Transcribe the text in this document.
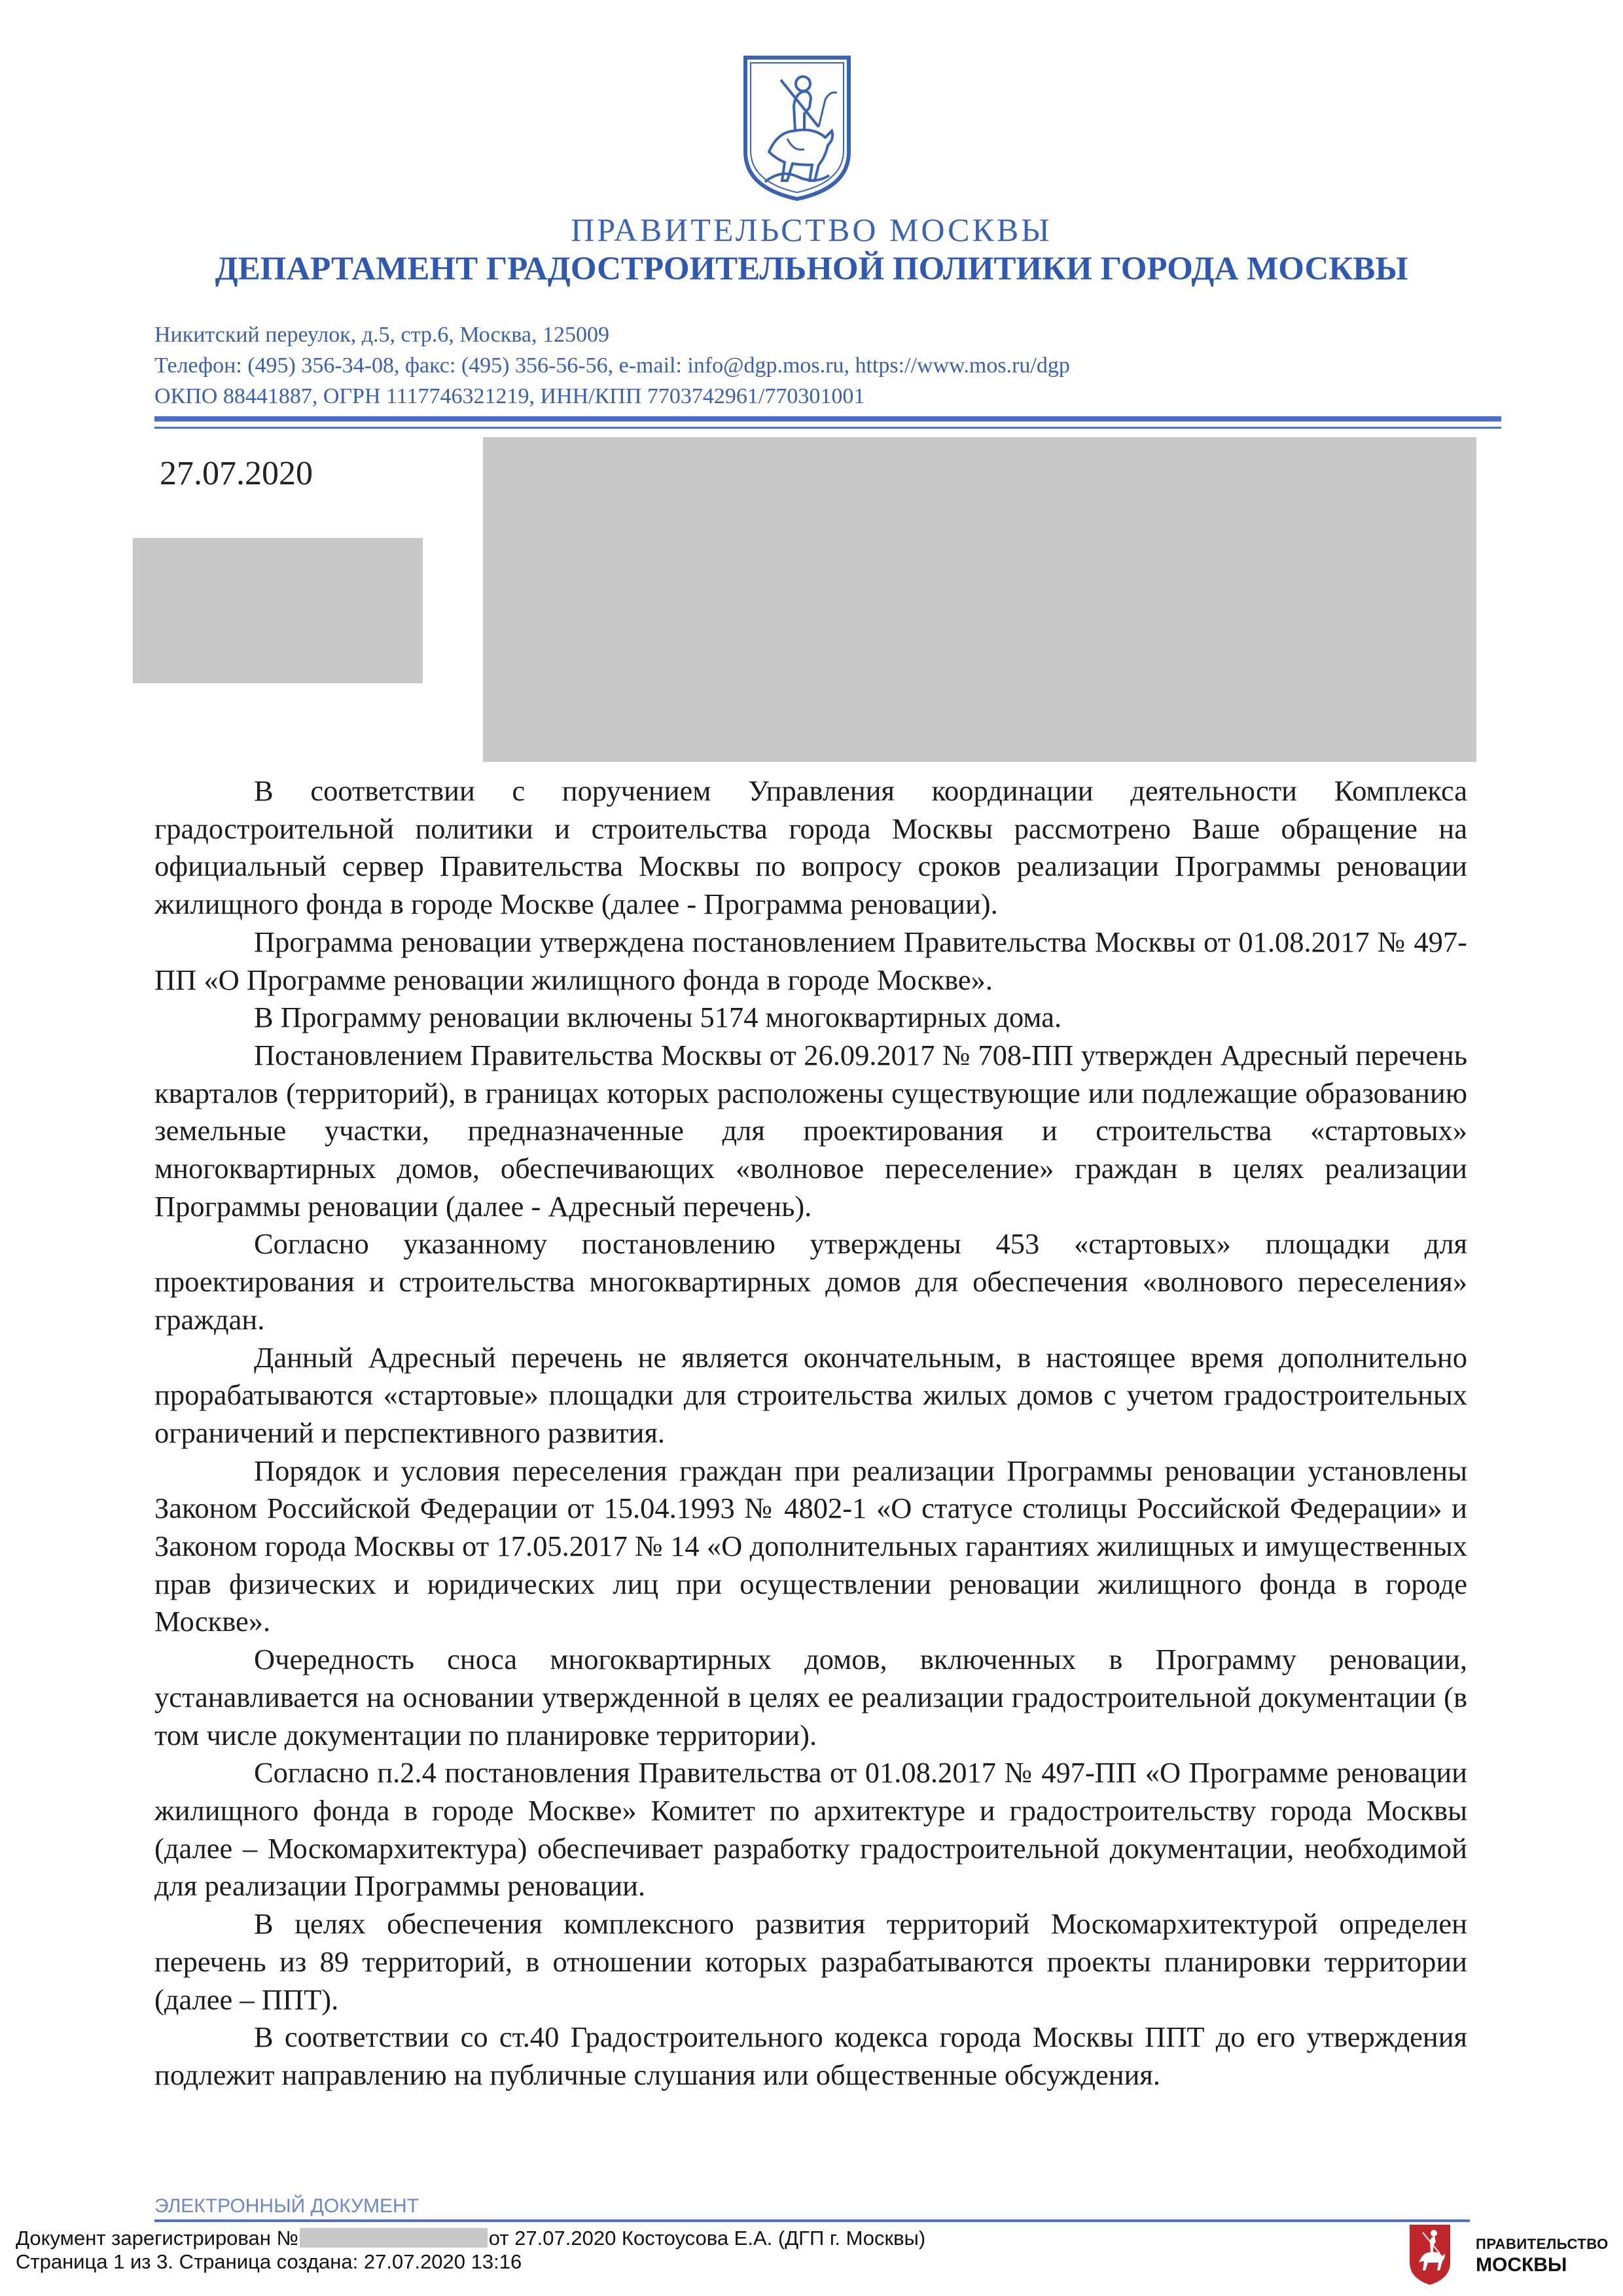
ПРАВИТЕЛЬСТВО МОСКВЫ
ДЕПАРТАМЕНТ ГРАДОСТРОИТЕЛЬНОЙ ПОЛИТИКИ ГОРОДА МОСКВЫ
Никитский переулок, д.5, стр.6, Москва, 125009
Телефон: (495) 356-34-08, факс: (495) 356-56-56, e-mail: info@dgp.mos.ru, https://www.mos.ru/dgp
ОКПО 88441887, ОГРН 1117746321219, ИНН/КПП 7703742961/770301001
27.07.2020

В соответствии с поручением Управления координации деятельности Комплекса градостроительной политики и строительства города Москвы рассмотрено Ваше обращение на официальный сервер Правительства Москвы по вопросу сроков реализации Программы реновации жилищного фонда в городе Москве (далее - Программа реновации).

Программа реновации утверждена постановлением Правительства Москвы от 01.08.2017 № 497-ПП «О Программе реновации жилищного фонда в городе Москве».

В Программу реновации включены 5174 многоквартирных дома.

Постановлением Правительства Москвы от 26.09.2017 № 708-ПП утвержден Адресный перечень кварталов (территорий), в границах которых расположены существующие или подлежащие образованию земельные участки, предназначенные для проектирования и строительства «стартовых» многоквартирных домов, обеспечивающих «волновое переселение» граждан в целях реализации Программы реновации (далее - Адресный перечень).

Согласно указанному постановлению утверждены 453 «стартовых» площадки для проектирования и строительства многоквартирных домов для обеспечения «волнового переселения» граждан.

Данный Адресный перечень не является окончательным, в настоящее время дополнительно прорабатываются «стартовые» площадки для строительства жилых домов с учетом градостроительных ограничений и перспективного развития.

Порядок и условия переселения граждан при реализации Программы реновации установлены Законом Российской Федерации от 15.04.1993 № 4802-1 «О статусе столицы Российской Федерации» и Законом города Москвы от 17.05.2017 № 14 «О дополнительных гарантиях жилищных и имущественных прав физических и юридических лиц при осуществлении реновации жилищного фонда в городе Москве».

Очередность сноса многоквартирных домов, включенных в Программу реновации, устанавливается на основании утвержденной в целях ее реализации градостроительной документации (в том числе документации по планировке территории).

Согласно п.2.4 постановления Правительства от 01.08.2017 № 497-ПП «О Программе реновации жилищного фонда в городе Москве» Комитет по архитектуре и градостроительству города Москвы (далее – Москомархитектура) обеспечивает разработку градостроительной документации, необходимой для реализации Программы реновации.

В целях обеспечения комплексного развития территорий Москомархитектурой определен перечень из 89 территорий, в отношении которых разрабатываются проекты планировки территории (далее – ППТ).

В соответствии со ст.40 Градостроительного кодекса города Москвы ППТ до его утверждения подлежит направлению на публичные слушания или общественные обсуждения.

ЭЛЕКТРОННЫЙ ДОКУМЕНТ
Документ зарегистрирован №	от 27.07.2020 Костоусова Е.А. (ДГП г. Москвы)
Страница 1 из 3. Страница создана: 27.07.2020 13:16
ПРАВИТЕЛЬСТВО
МОСКВЫ
